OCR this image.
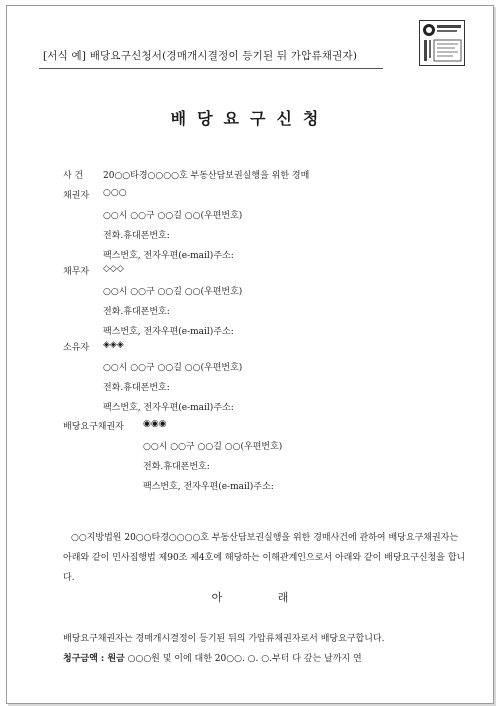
[서식 예] 배당요구신청서(경매개시결정이 등기된 뒤 가압류채권자)
배당요구신청
사 건 20○○타경○○○○호 부동산담보권실행을 위한 경매
채권자 ○○○
○○시 ○○구 ○○길 ○○(우편번호)
전화.휴대폰번호:
팩스번호, 전자우편(e-mail)주소:
채무자 ◇◇◇
○○시 ○○구 ○○길 ○○(우편번호)
전화.휴대폰번호:
팩스번호, 전자우편(e-mail)주소:
소유자 ◈◈◈
○○시 ○○구 ○○길 ○○(우편번호)
전화.휴대폰번호:
팩스번호, 전자우편(e-mail)주소:
배당요구채권자 ◉◉◉
○○시 ○○구 ○○길 ○○(우편번호)
전화.휴대폰번호:
팩스번호, 전자우편(e-mail)주소:
○○지방법원 20○○타경○○○○호 부동산담보권실행을 위한 경매사건에 관하여 배당요구채권자는 아래와 같이 민사집행법 제90조 제4호에 해당하는 이해관계인으로서 아래와 같이 배당요구신청을 합니다.
아 래
배당요구채권자는 경매개시결정이 등기된 뒤의 가압류채권자로서 배당요구합니다.
청구금액 : 원금 ○○○원 및 이에 대한 20○○. ○. ○.부터 다 갚는 날까지 연
